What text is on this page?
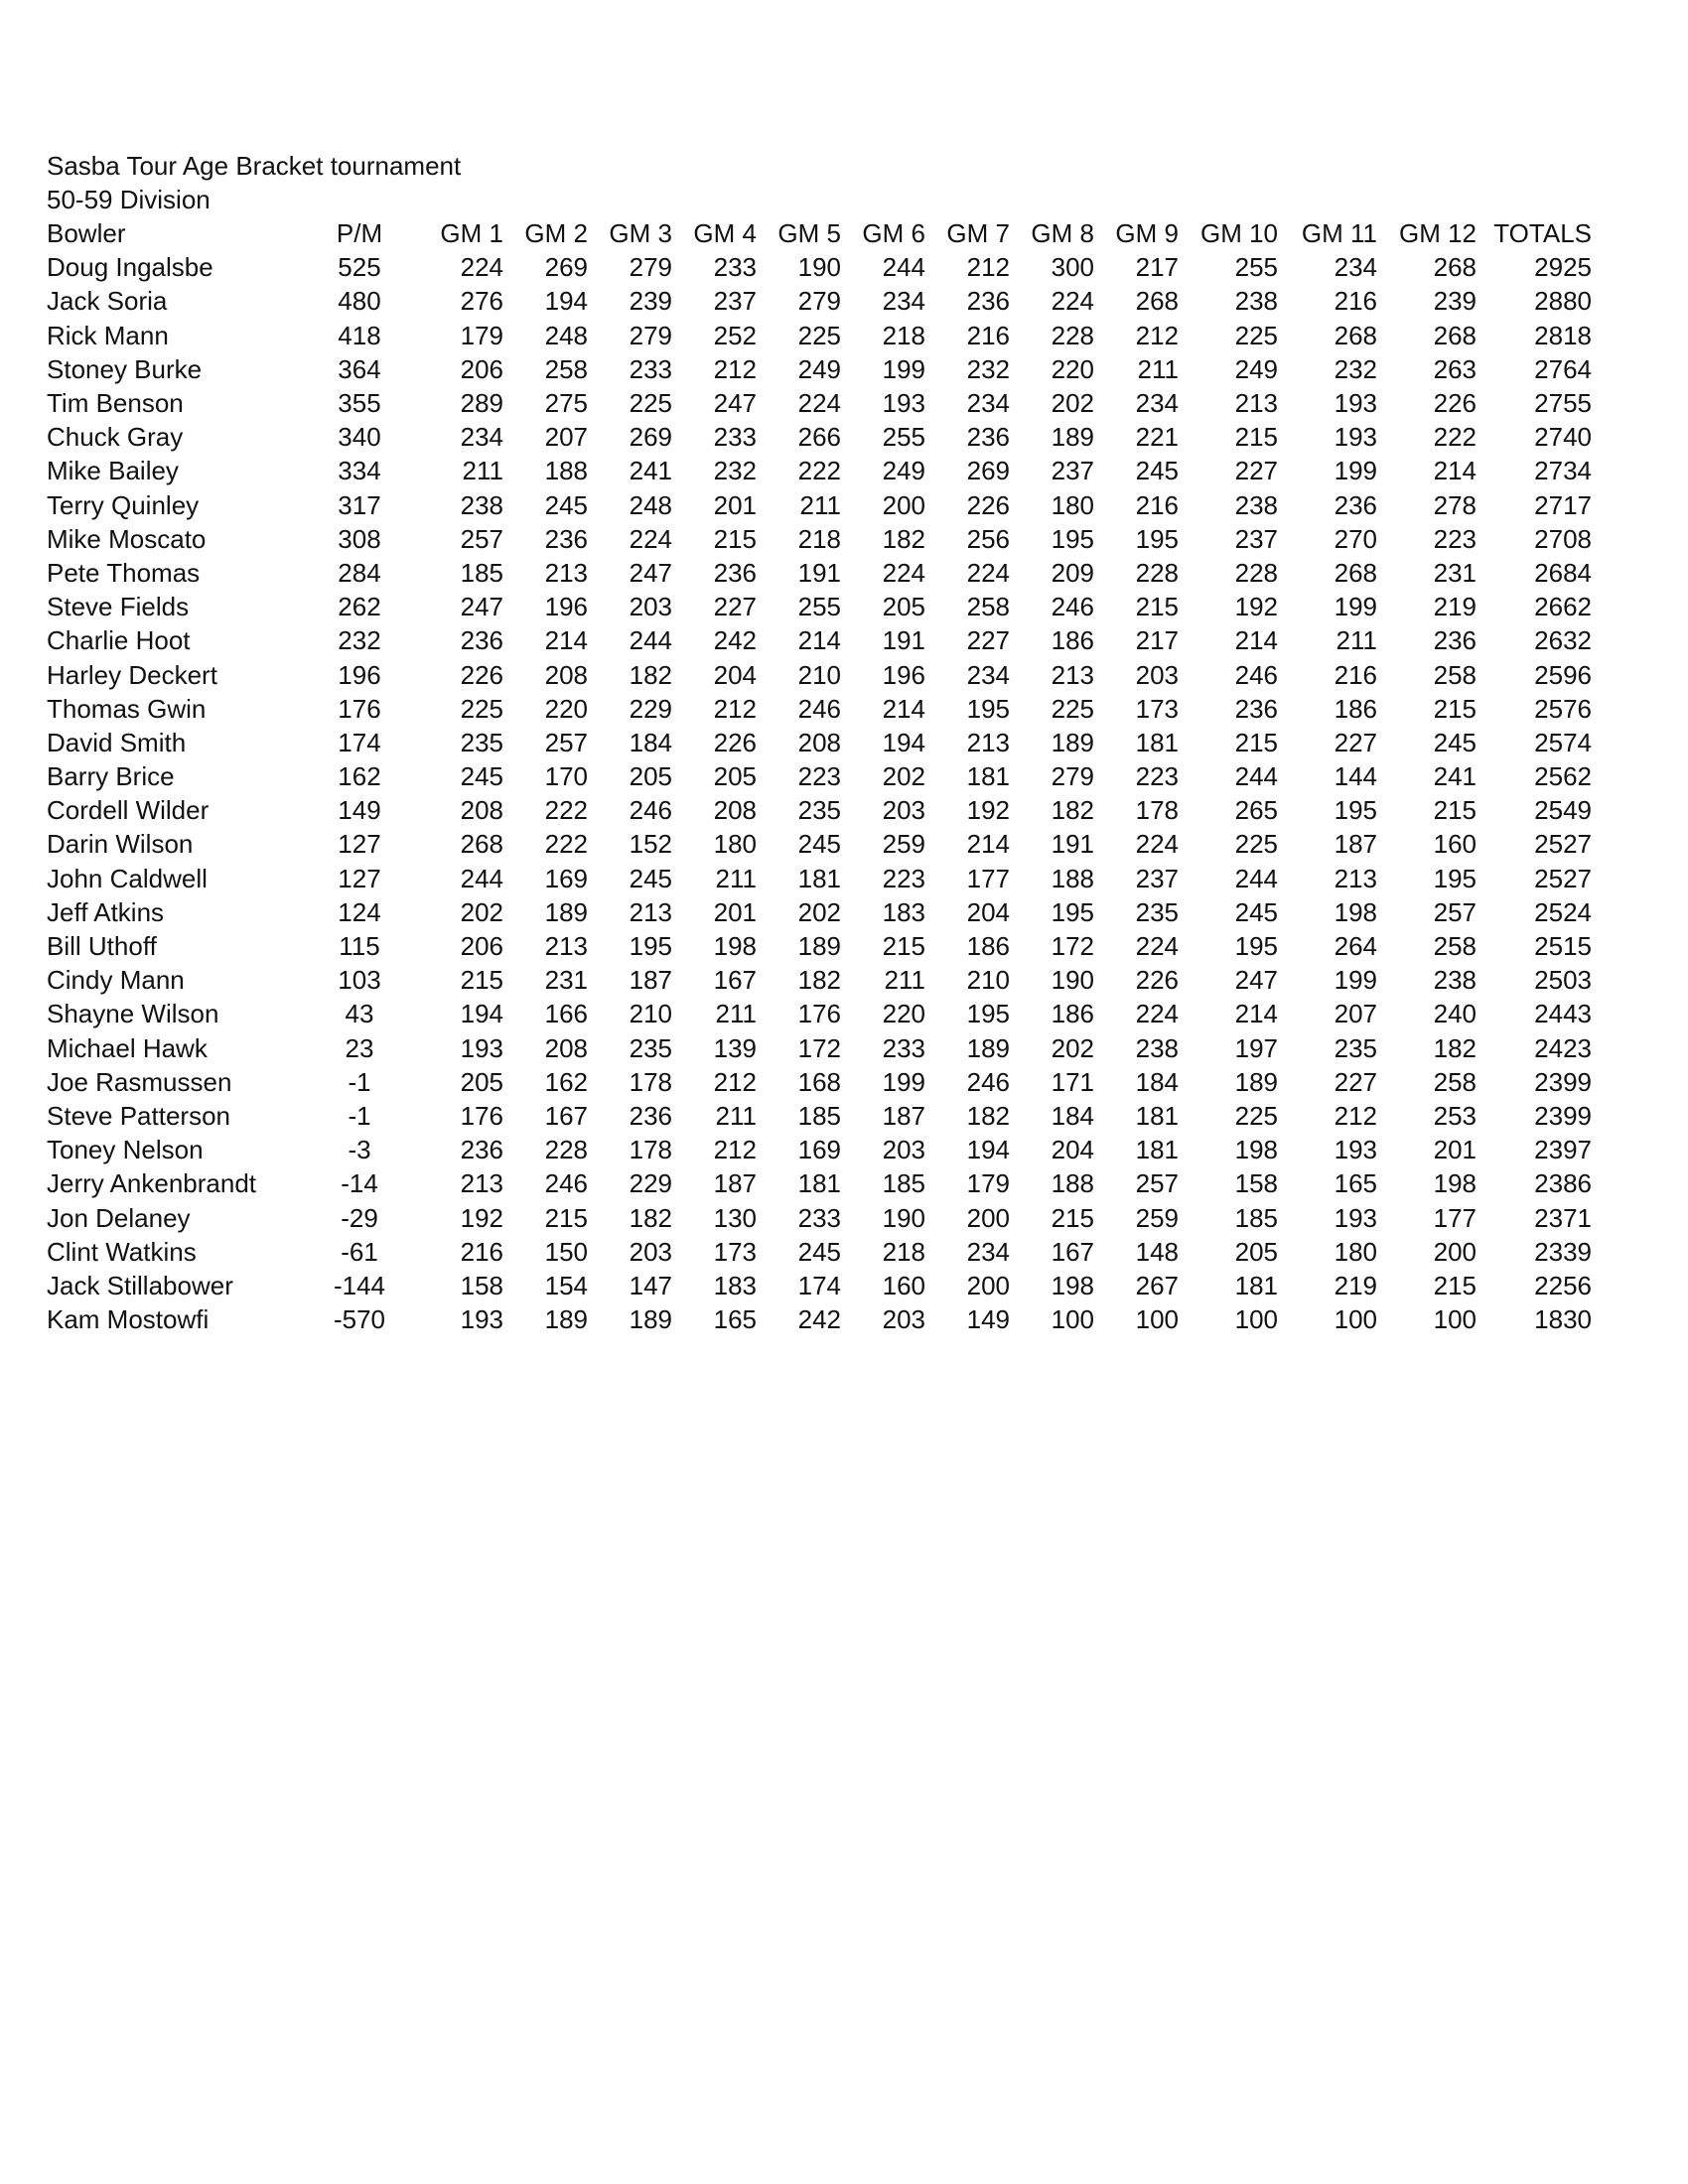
Sasba Tour Age Bracket tournament
50-59 Division
	Bowler	P/M	GM 1	GM 2	GM 3	GM 4	GM 5	GM 6	GM 7	GM 8	GM 9	GM 10	GM 11	GM 12	TOTALS	
	Doug Ingalsbe	525	224	269	279	233	190	244	212	300	217	255	234	268	2925	
	Jack Soria	480	276	194	239	237	279	234	236	224	268	238	216	239	2880	
	Rick Mann	418	179	248	279	252	225	218	216	228	212	225	268	268	2818	
	Stoney Burke	364	206	258	233	212	249	199	232	220	211	249	232	263	2764	
	Tim Benson	355	289	275	225	247	224	193	234	202	234	213	193	226	2755	
	Chuck Gray	340	234	207	269	233	266	255	236	189	221	215	193	222	2740	
	Mike Bailey	334	211	188	241	232	222	249	269	237	245	227	199	214	2734	
	Terry Quinley	317	238	245	248	201	211	200	226	180	216	238	236	278	2717	
	Mike Moscato	308	257	236	224	215	218	182	256	195	195	237	270	223	2708	
	Pete Thomas	284	185	213	247	236	191	224	224	209	228	228	268	231	2684	
	Steve Fields	262	247	196	203	227	255	205	258	246	215	192	199	219	2662	
	Charlie Hoot	232	236	214	244	242	214	191	227	186	217	214	211	236	2632	
	Harley Deckert	196	226	208	182	204	210	196	234	213	203	246	216	258	2596	
	Thomas Gwin	176	225	220	229	212	246	214	195	225	173	236	186	215	2576	
	David Smith	174	235	257	184	226	208	194	213	189	181	215	227	245	2574	
	Barry Brice	162	245	170	205	205	223	202	181	279	223	244	144	241	2562	
	Cordell Wilder	149	208	222	246	208	235	203	192	182	178	265	195	215	2549	
	Darin Wilson	127	268	222	152	180	245	259	214	191	224	225	187	160	2527	
	John Caldwell	127	244	169	245	211	181	223	177	188	237	244	213	195	2527	
	Jeff Atkins	124	202	189	213	201	202	183	204	195	235	245	198	257	2524	
	Bill Uthoff	115	206	213	195	198	189	215	186	172	224	195	264	258	2515	
	Cindy Mann	103	215	231	187	167	182	211	210	190	226	247	199	238	2503	
	Shayne Wilson	43	194	166	210	211	176	220	195	186	224	214	207	240	2443	
	Michael Hawk	23	193	208	235	139	172	233	189	202	238	197	235	182	2423	
	Joe Rasmussen	-1	205	162	178	212	168	199	246	171	184	189	227	258	2399	
	Steve Patterson	-1	176	167	236	211	185	187	182	184	181	225	212	253	2399	
	Toney Nelson	-3	236	228	178	212	169	203	194	204	181	198	193	201	2397	
	Jerry Ankenbrandt	-14	213	246	229	187	181	185	179	188	257	158	165	198	2386	
	Jon Delaney	-29	192	215	182	130	233	190	200	215	259	185	193	177	2371	
	Clint Watkins	-61	216	150	203	173	245	218	234	167	148	205	180	200	2339	
	Jack Stillabower	-144	158	154	147	183	174	160	200	198	267	181	219	215	2256	
	Kam Mostowfi	-570	193	189	189	165	242	203	149	100	100	100	100	100	1830	
